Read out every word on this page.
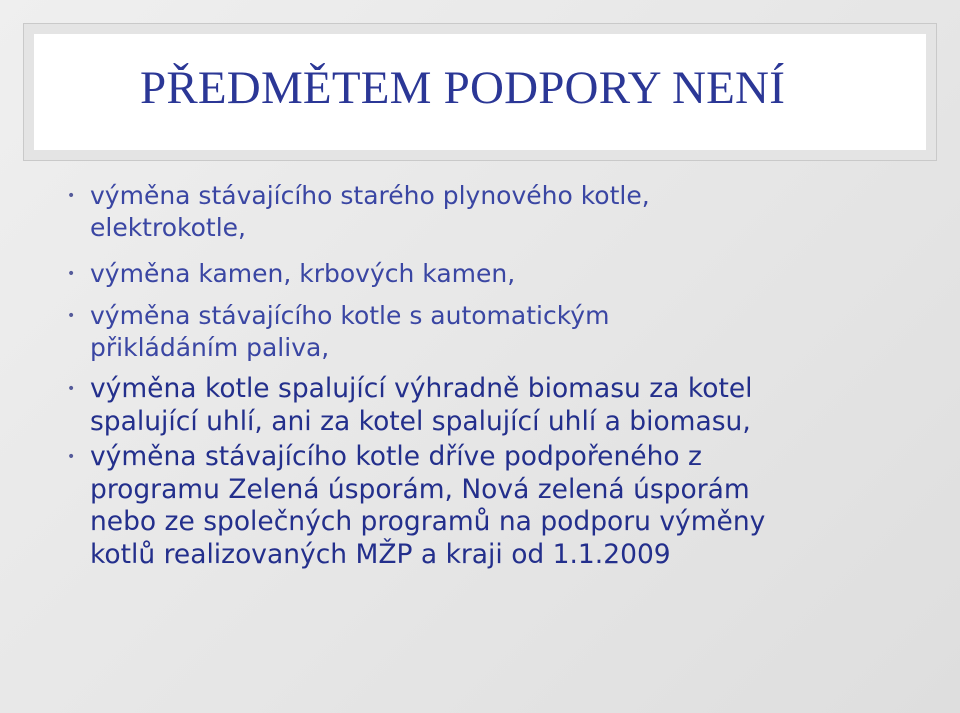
PŘEDMĚTEM PODPORY NENÍ
• výměna stávajícího starého plynového kotle,
elektrokotle,
• výměna kamen, krbových kamen,
• výměna stávajícího kotle s automatickým
přikládáním paliva,
• výměna kotle spalující výhradně biomasu za kotel
spalující uhlí, ani za kotel spalující uhlí a biomasu,
• výměna stávajícího kotle dříve podpořeného z
programu Zelená úsporám, Nová zelená úsporám
nebo ze společných programů na podporu výměny
kotlů realizovaných MŽP a kraji od 1.1.2009
